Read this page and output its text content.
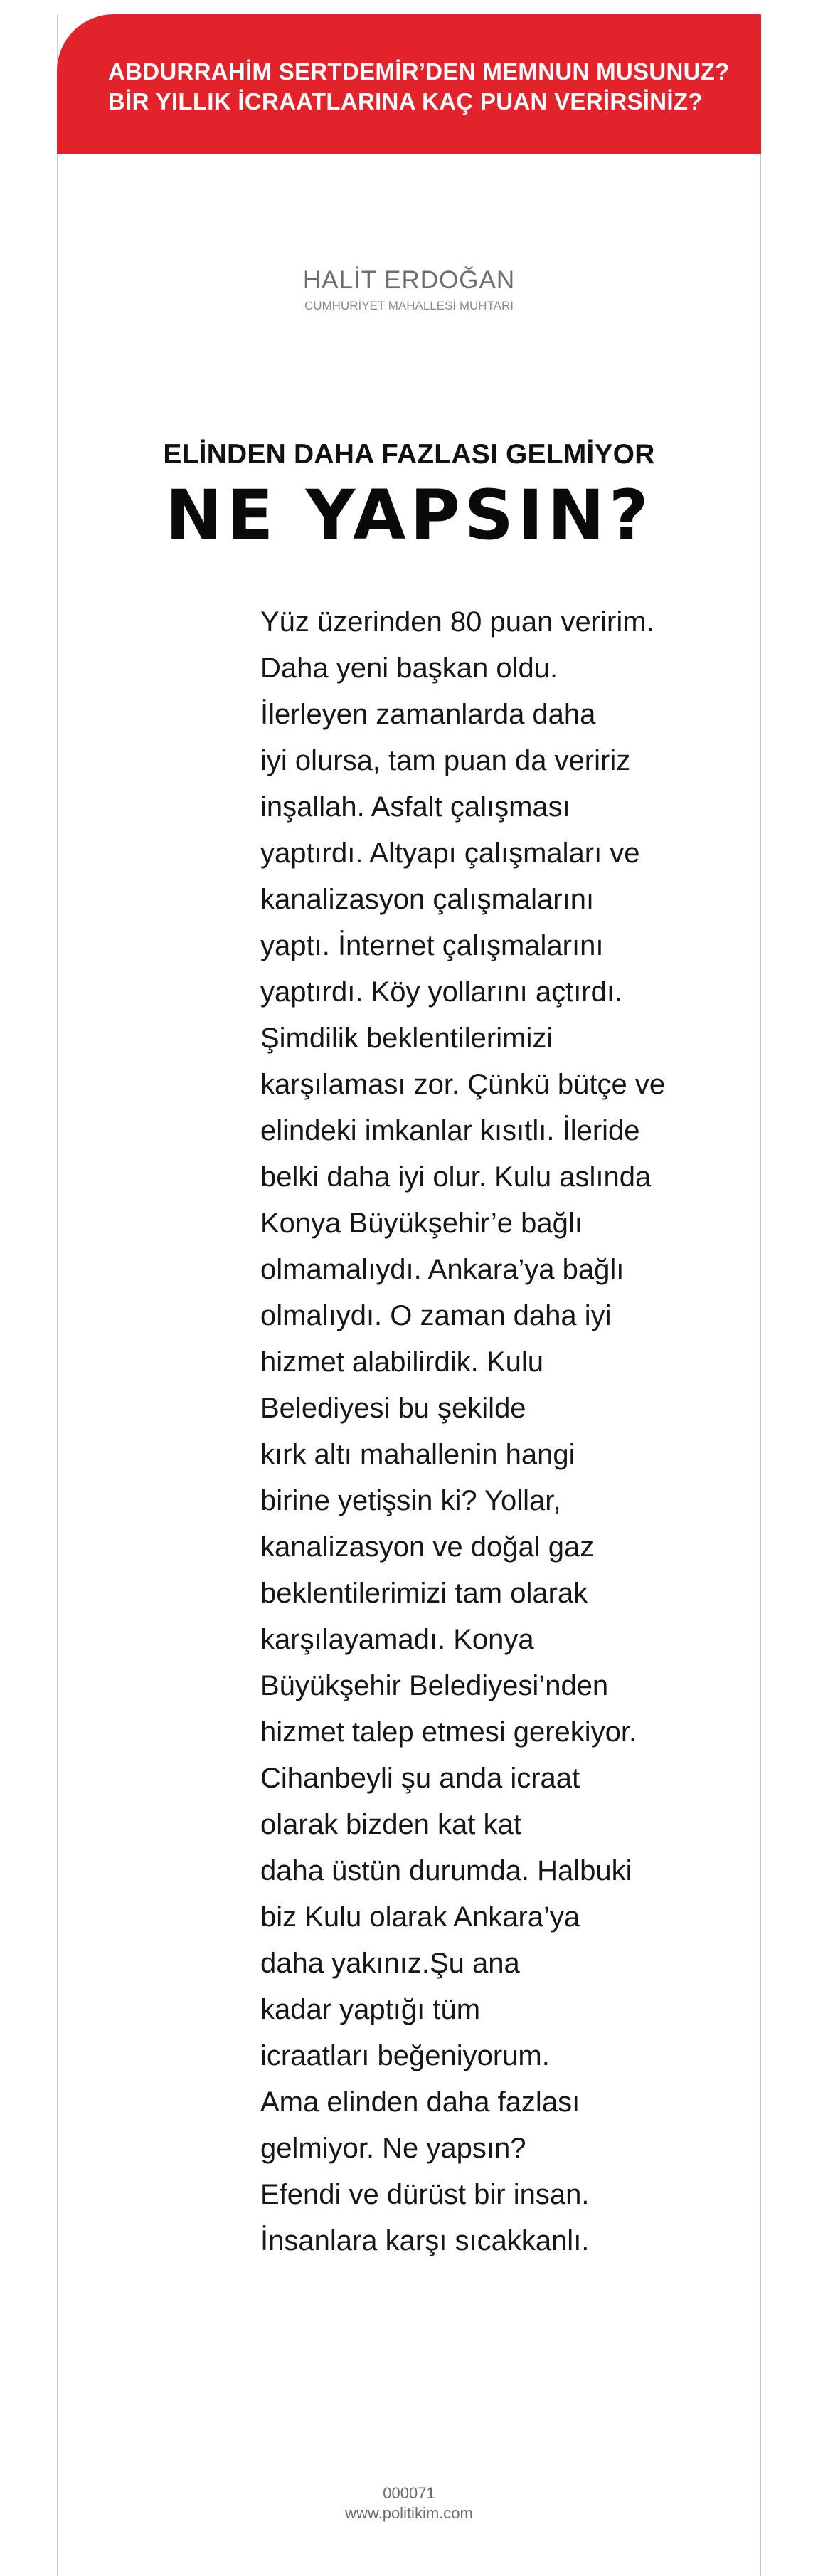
ABDURRAHİM SERTDEMİR’DEN MEMNUN MUSUNUZ?
BİR YILLIK İCRAATLARINA KAÇ PUAN VERİRSİNİZ?
HALİT ERDOĞAN
CUMHURİYET MAHALLESİ MUHTARI
ELİNDEN DAHA FAZLASI GELMİYOR
NE YAPSIN?
Yüz üzerinden 80 puan veririm.
Daha yeni başkan oldu.
İlerleyen zamanlarda daha
iyi olursa, tam puan da veririz
inşallah. Asfalt çalışması
yaptırdı. Altyapı çalışmaları ve
kanalizasyon çalışmalarını
yaptı. İnternet çalışmalarını
yaptırdı. Köy yollarını açtırdı.
Şimdilik beklentilerimizi
karşılaması zor. Çünkü bütçe ve
elindeki imkanlar kısıtlı. İleride
belki daha iyi olur. Kulu aslında
Konya Büyükşehir’e bağlı
olmamalıydı. Ankara’ya bağlı
olmalıydı. O zaman daha iyi
hizmet alabilirdik. Kulu
Belediyesi bu şekilde
kırk altı mahallenin hangi
birine yetişsin ki? Yollar,
kanalizasyon ve doğal gaz
beklentilerimizi tam olarak
karşılayamadı. Konya
Büyükşehir Belediyesi’nden
hizmet talep etmesi gerekiyor.
Cihanbeyli şu anda icraat
olarak bizden kat kat
daha üstün durumda. Halbuki
biz Kulu olarak Ankara’ya
daha yakınız.Şu ana
kadar yaptığı tüm
icraatları beğeniyorum.
Ama elinden daha fazlası
gelmiyor. Ne yapsın?
Efendi ve dürüst bir insan.
İnsanlara karşı sıcakkanlı.
000071
www.politikim.com
